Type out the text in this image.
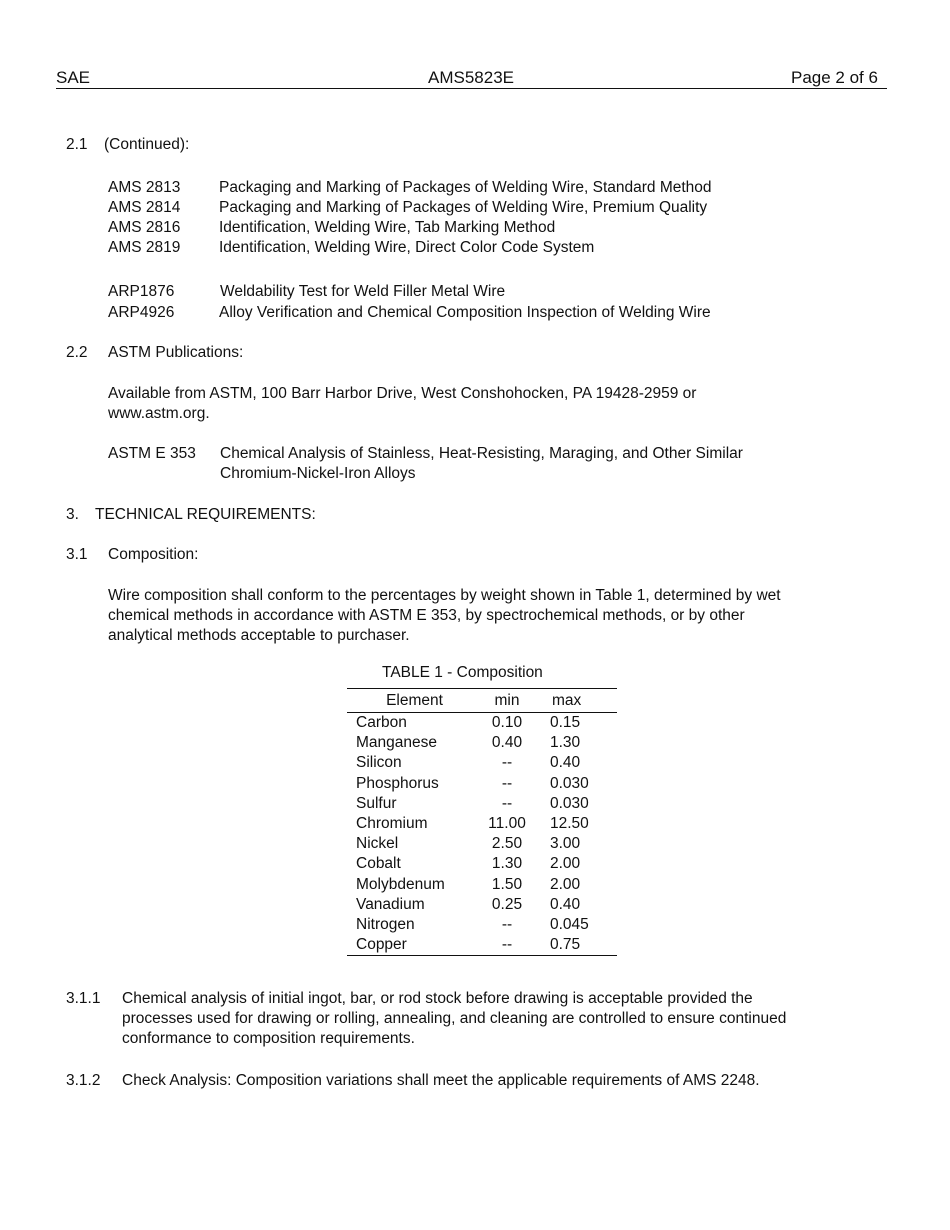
SAE	AMS5823E	Page 2 of 6
2.1 (Continued):
AMS 2813 Packaging and Marking of Packages of Welding Wire, Standard Method
AMS 2814 Packaging and Marking of Packages of Welding Wire, Premium Quality
AMS 2816 Identification, Welding Wire, Tab Marking Method
AMS 2819 Identification, Welding Wire, Direct Color Code System
ARP1876	Weldability Test for Weld Filler Metal Wire
ARP4926	Alloy Verification and Chemical Composition Inspection of Welding Wire
2.2 ASTM Publications:
Available from ASTM, 100 Barr Harbor Drive, West Conshohocken, PA 19428-2959 or
www.astm.org.
ASTM E 353 Chemical Analysis of Stainless, Heat-Resisting, Maraging, and Other Similar
Chromium-Nickel-Iron Alloys
3. TECHNICAL REQUIREMENTS:
3.1 Composition:
Wire composition shall conform to the percentages by weight shown in Table 1, determined by wet
chemical methods in accordance with ASTM E 353, by spectrochemical methods, or by other
analytical methods acceptable to purchaser.
TABLE 1 - Composition
Element	min	max
Carbon	0.10	0.15
Manganese	0.40	1.30
Silicon	--	0.40
Phosphorus	--	0.030
Sulfur	--	0.030
Chromium	11.00	12.50
Nickel	2.50	3.00
Cobalt	1.30	2.00
Molybdenum	1.50	2.00
Vanadium	0.25	0.40
Nitrogen	--	0.045
Copper	--	0.75
3.1.1 Chemical analysis of initial ingot, bar, or rod stock before drawing is acceptable provided the
processes used for drawing or rolling, annealing, and cleaning are controlled to ensure continued
conformance to composition requirements.
3.1.2 Check Analysis: Composition variations shall meet the applicable requirements of AMS 2248.
